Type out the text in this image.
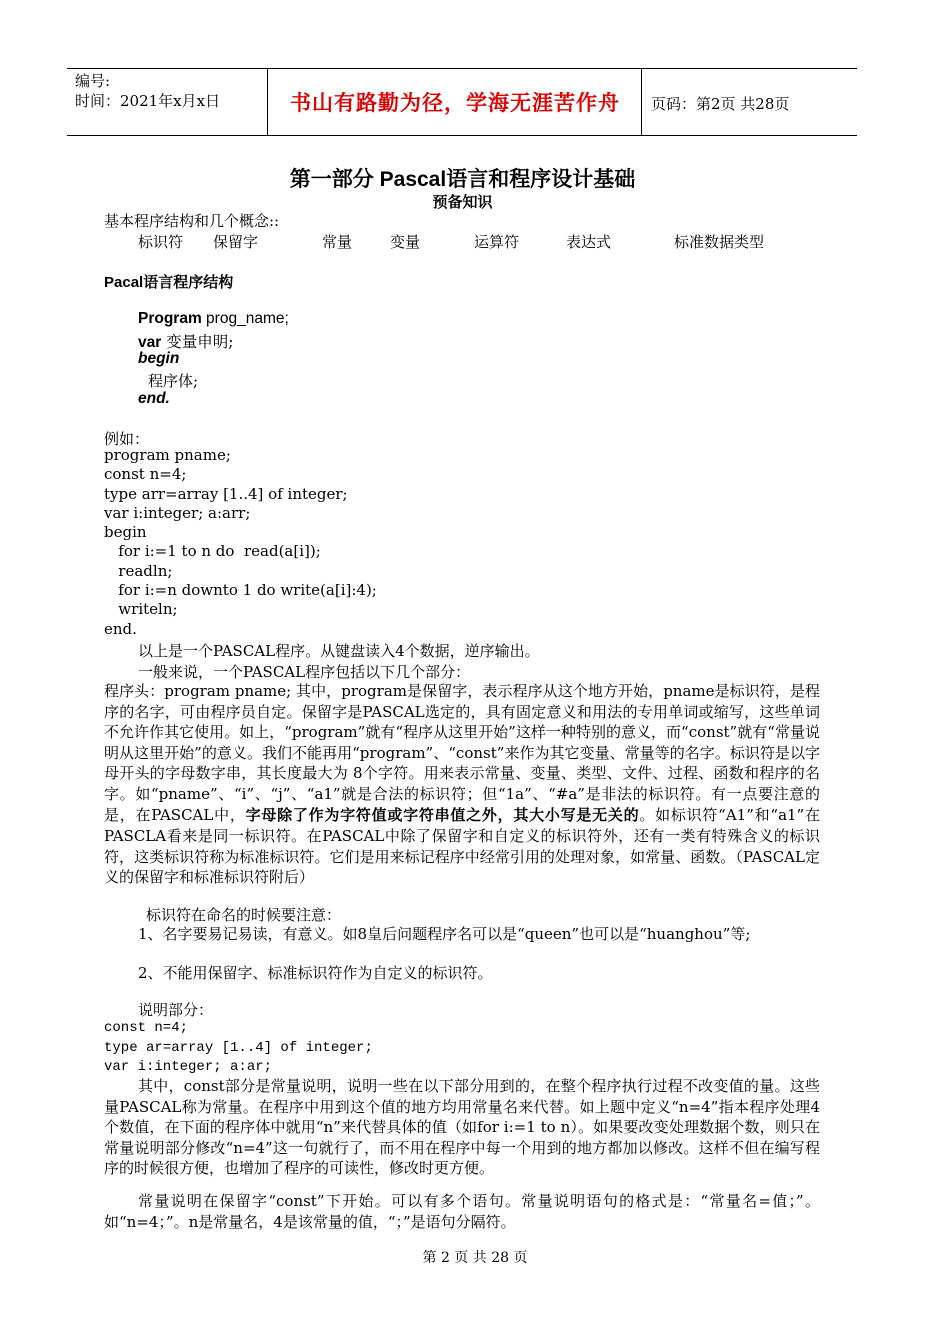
编号:
时间：2021年x月x日	书山有路勤为径，学海无涯苦作舟	页码：第2页 共28页
第一部分 Pascal语言和程序设计基础
预备知识
基本程序结构和几个概念::
标识符 保留字	常量	变量	运算符	表达式	标准数据类型
Pacal语言程序结构
Program prog_name;
var 变量申明;
begin
程序体;
end.
例如：
program pname;
const n=4;
type arr=array [1..4] of integer;
var i:integer; a:arr;
begin
for i:=1 to n do  read(a[i]);
readln;
for i:=n downto 1 do write(a[i]:4);
writeln;
end.
以上是一个PASCAL程序。从键盘读入4个数据，逆序输出。
一般来说，一个PASCAL程序包括以下几个部分：
程序头：program pname; 其中，program是保留字，表示程序从这个地方开始，pname是标识符，是程序的名字，可由程序员自定。保留字是PASCAL选定的，具有固定意义和用法的专用单词或缩写，这些单词不允许作其它使用。如上，“program”就有“程序从这里开始”这样一种特别的意义，而“const”就有“常量说明从这里开始”的意义。我们不能再用“program”、“const”来作为其它变量、常量等的名字。标识符是以字母开头的字母数字串，其长度最大为 8个字符。用来表示常量、变量、类型、文件、过程、函数和程序的名字。如“pname”、“i”、“j”、“a1”就是合法的标识符；但“1a”、“#a”是非法的标识符。有一点要注意的是，在PASCAL中，字母除了作为字符值或字符串值之外，其大小写是无关的。如标识符“A1”和“a1”在PASCLA看来是同一标识符。在PASCAL中除了保留字和自定义的标识符外，还有一类有特殊含义的标识符，这类标识符称为标准标识符。它们是用来标记程序中经常引用的处理对象，如常量、函数。（PASCAL定义的保留字和标准标识符附后）
标识符在命名的时候要注意：
1、名字要易记易读，有意义。如8皇后问题程序名可以是“queen”也可以是“huanghou”等;
2、不能用保留字、标准标识符作为自定义的标识符。
说明部分：
const n=4;
type ar=array [1..4] of integer;
var i:integer; a:ar;
其中，const部分是常量说明，说明一些在以下部分用到的，在整个程序执行过程不改变值的量。这些量PASCAL称为常量。在程序中用到这个值的地方均用常量名来代替。如上题中定义“n=4”指本程序处理4个数值，在下面的程序体中就用“n”来代替具体的值（如for i:=1 to n）。如果要改变处理数据个数，则只在常量说明部分修改“n=4”这一句就行了，而不用在程序中每一个用到的地方都加以修改。这样不但在编写程序的时候很方便，也增加了程序的可读性，修改时更方便。
常量说明在保留字“const”下开始。可以有多个语句。常量说明语句的格式是：“常量名=值；”。如“n=4；”。n是常量名，4是该常量的值，“；”是语句分隔符。
第 2 页 共 28 页
